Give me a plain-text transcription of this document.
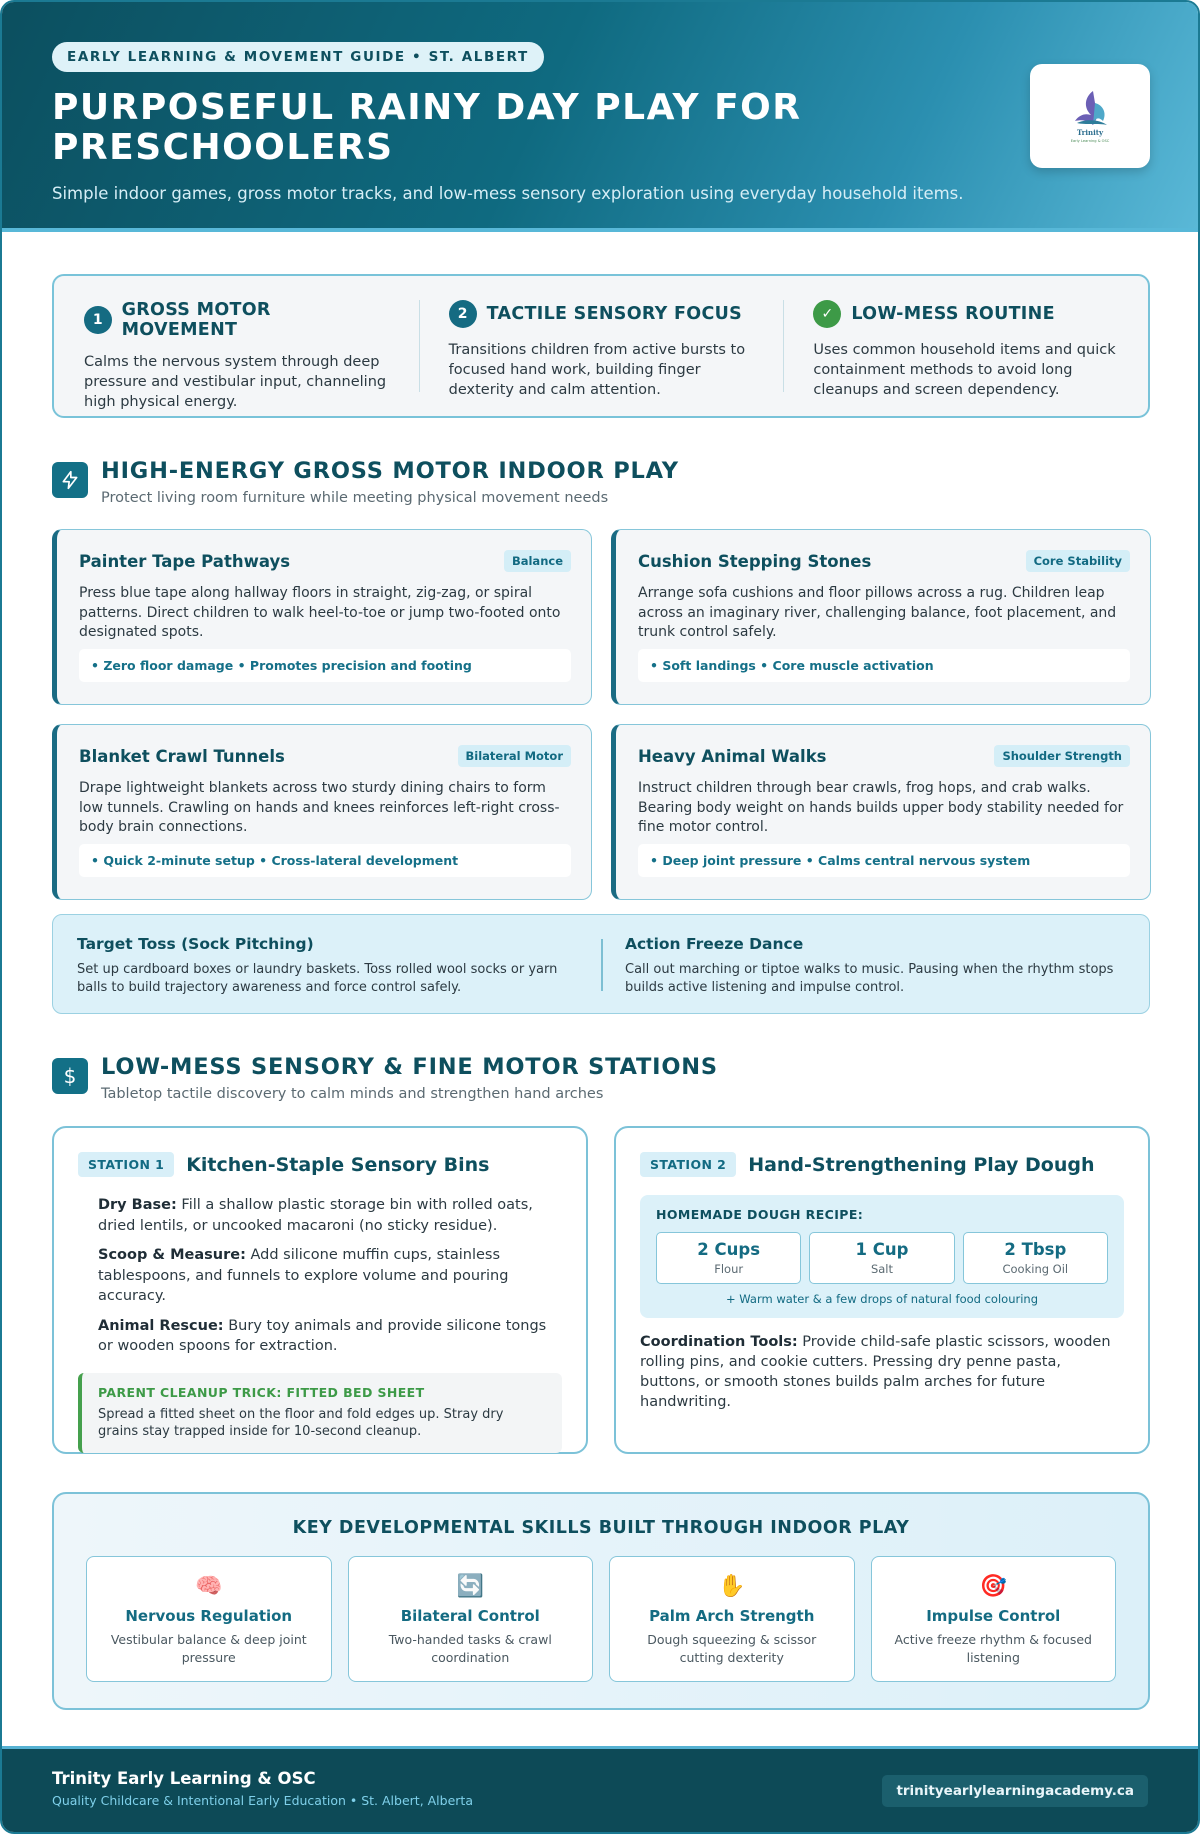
EARLY LEARNING & MOVEMENT GUIDE • ST. ALBERT
PURPOSEFUL RAINY DAY PLAY FOR PRESCHOOLERS
Simple indoor games, gross motor tracks, and low-mess sensory exploration using everyday household items.
Trinity
Early Learning & OSC
1	GROSS MOTOR MOVEMENT
Calms the nervous system through deep pressure and vestibular input, channeling high physical energy.
2	TACTILE SENSORY FOCUS
Transitions children from active bursts to focused hand work, building finger dexterity and calm attention.
✓	LOW-MESS ROUTINE
Uses common household items and quick containment methods to avoid long cleanups and screen dependency.
HIGH-ENERGY GROSS MOTOR INDOOR PLAY
Protect living room furniture while meeting physical movement needs
Painter Tape Pathways	Balance
Press blue tape along hallway floors in straight, zig-zag, or spiral patterns. Direct children to walk heel-to-toe or jump two-footed onto designated spots.
• Zero floor damage • Promotes precision and footing
Cushion Stepping Stones	Core Stability
Arrange sofa cushions and floor pillows across a rug. Children leap across an imaginary river, challenging balance, foot placement, and trunk control safely.
• Soft landings • Core muscle activation
Blanket Crawl Tunnels	Bilateral Motor
Drape lightweight blankets across two sturdy dining chairs to form low tunnels. Crawling on hands and knees reinforces left-right cross-body brain connections.
• Quick 2-minute setup • Cross-lateral development
Heavy Animal Walks	Shoulder Strength
Instruct children through bear crawls, frog hops, and crab walks. Bearing body weight on hands builds upper body stability needed for fine motor control.
• Deep joint pressure • Calms central nervous system
Target Toss (Sock Pitching)
Set up cardboard boxes or laundry baskets. Toss rolled wool socks or yarn balls to build trajectory awareness and force control safely.
Action Freeze Dance
Call out marching or tiptoe walks to music. Pausing when the rhythm stops builds active listening and impulse control.
$	LOW-MESS SENSORY & FINE MOTOR STATIONS
Tabletop tactile discovery to calm minds and strengthen hand arches
STATION 1	Kitchen-Staple Sensory Bins
Dry Base: Fill a shallow plastic storage bin with rolled oats, dried lentils, or uncooked macaroni (no sticky residue).
Scoop & Measure: Add silicone muffin cups, stainless tablespoons, and funnels to explore volume and pouring accuracy.
Animal Rescue: Bury toy animals and provide silicone tongs or wooden spoons for extraction.
PARENT CLEANUP TRICK: FITTED BED SHEET
Spread a fitted sheet on the floor and fold edges up. Stray dry grains stay trapped inside for 10-second cleanup.
STATION 2	Hand-Strengthening Play Dough
HOMEMADE DOUGH RECIPE:
2 Cups
Flour
1 Cup
Salt
2 Tbsp
Cooking Oil
+ Warm water & a few drops of natural food colouring
Coordination Tools: Provide child-safe plastic scissors, wooden rolling pins, and cookie cutters. Pressing dry penne pasta, buttons, or smooth stones builds palm arches for future handwriting.
KEY DEVELOPMENTAL SKILLS BUILT THROUGH INDOOR PLAY
🧠
Nervous Regulation
Vestibular balance & deep joint pressure
🔄
Bilateral Control
Two-handed tasks & crawl coordination
✋
Palm Arch Strength
Dough squeezing & scissor cutting dexterity
🎯
Impulse Control
Active freeze rhythm & focused listening
Trinity Early Learning & OSC
Quality Childcare & Intentional Early Education • St. Albert, Alberta
trinityearlylearningacademy.ca
